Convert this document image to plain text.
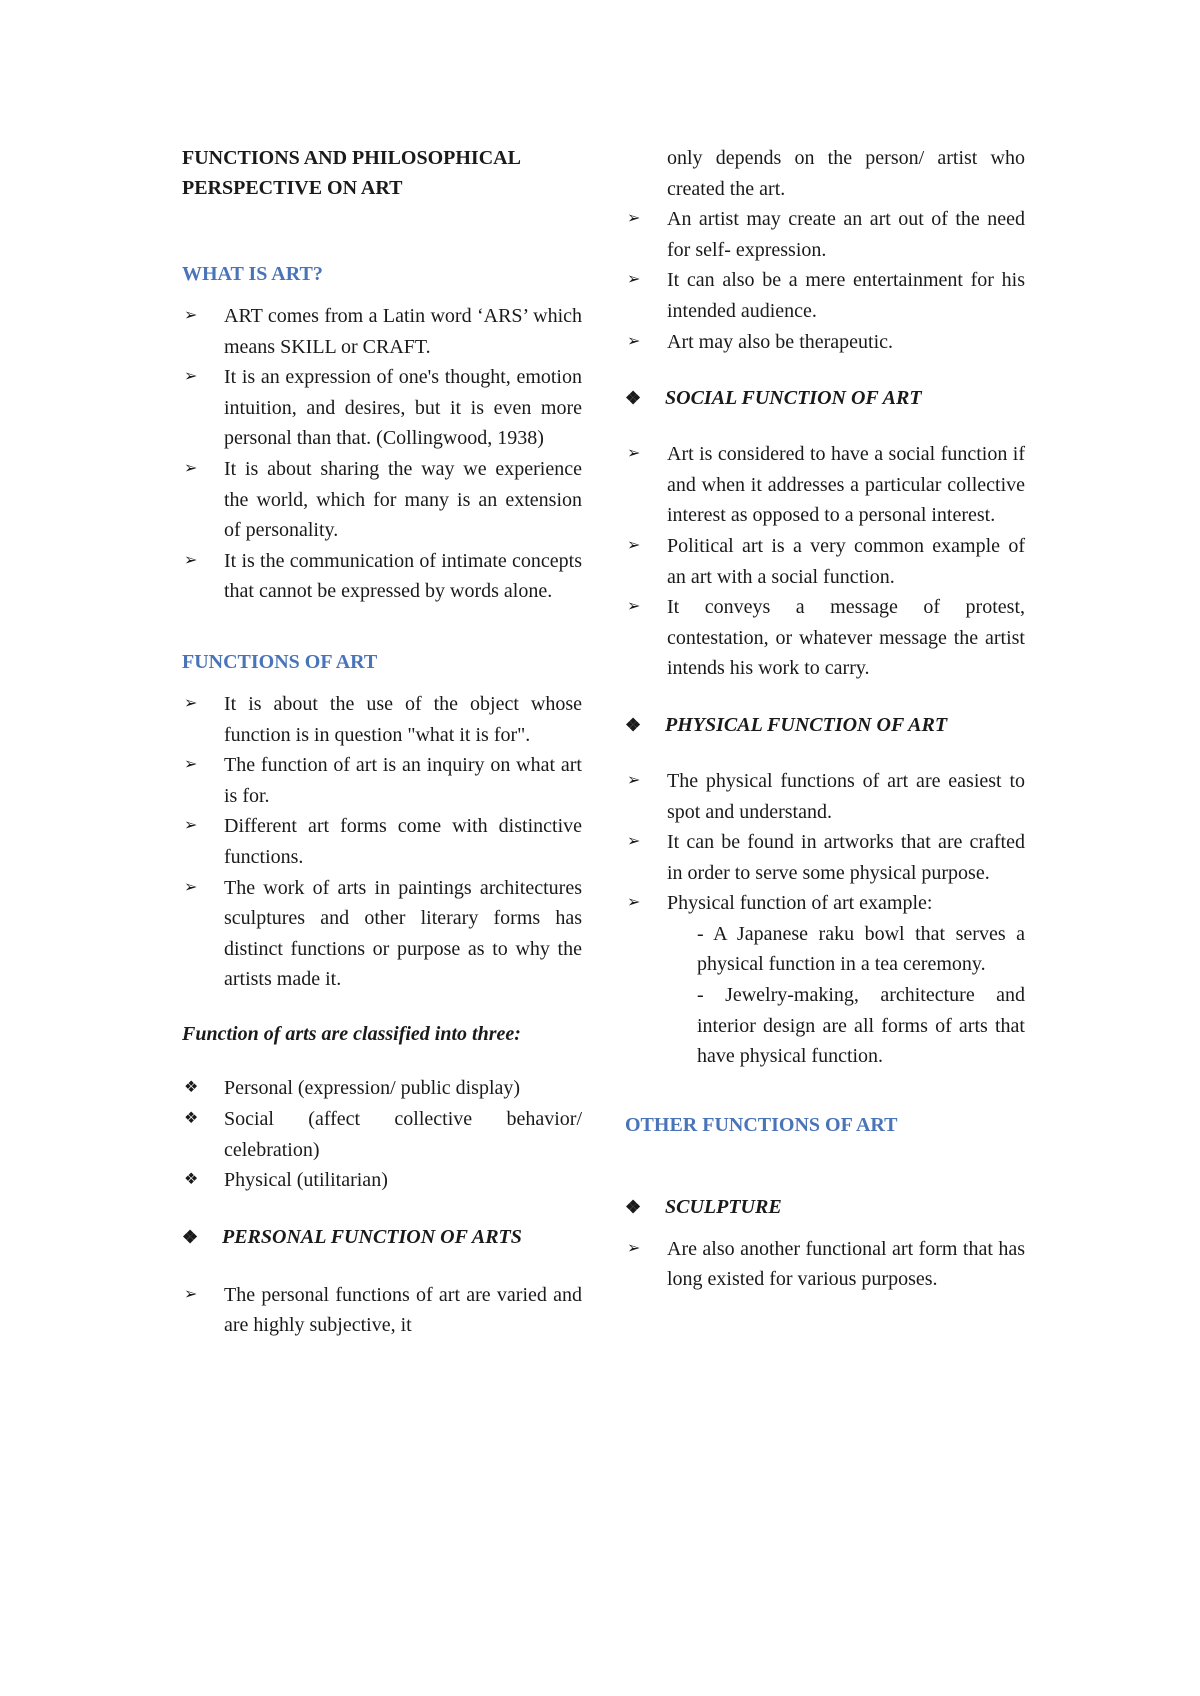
FUNCTIONS AND PHILOSOPHICAL
PERSPECTIVE ON ART

WHAT IS ART?

➢ ART comes from a Latin word ‘ARS’ which means SKILL or CRAFT.
➢ It is an expression of one's thought, emotion intuition, and desires, but it is even more personal than that. (Collingwood, 1938)
➢ It is about sharing the way we experience the world, which for many is an extension of personality.
➢ It is the communication of intimate concepts that cannot be expressed by words alone.

FUNCTIONS OF ART

➢ It is about the use of the object whose function is in question "what it is for".
➢ The function of art is an inquiry on what art is for.
➢ Different art forms come with distinctive functions.
➢ The work of arts in paintings architectures sculptures and other literary forms has distinct functions or purpose as to why the artists made it.

Function of arts are classified into three:

❖ Personal (expression/ public display)
❖ Social (affect collective behavior/ celebration)
❖ Physical (utilitarian)

❖ PERSONAL FUNCTION OF ARTS

➢ The personal functions of art are varied and are highly subjective, it

only depends on the person/ artist who created the art.

➢ An artist may create an art out of the need for self- expression.
➢ It can also be a mere entertainment for his intended audience.
➢ Art may also be therapeutic.

❖ SOCIAL FUNCTION OF ART

➢ Art is considered to have a social function if and when it addresses a particular collective interest as opposed to a personal interest.
➢ Political art is a very common example of an art with a social function.
➢ It conveys a message of protest, contestation, or whatever message the artist intends his work to carry.

❖ PHYSICAL FUNCTION OF ART

➢ The physical functions of art are easiest to spot and understand.
➢ It can be found in artworks that are crafted in order to serve some physical purpose.
➢ Physical function of art example:

- A Japanese raku bowl that serves a physical function in a tea ceremony.

- Jewelry-making, architecture and interior design are all forms of arts that have physical function.

OTHER FUNCTIONS OF ART

❖ SCULPTURE

➢ Are also another functional art form that has long existed for various purposes.
